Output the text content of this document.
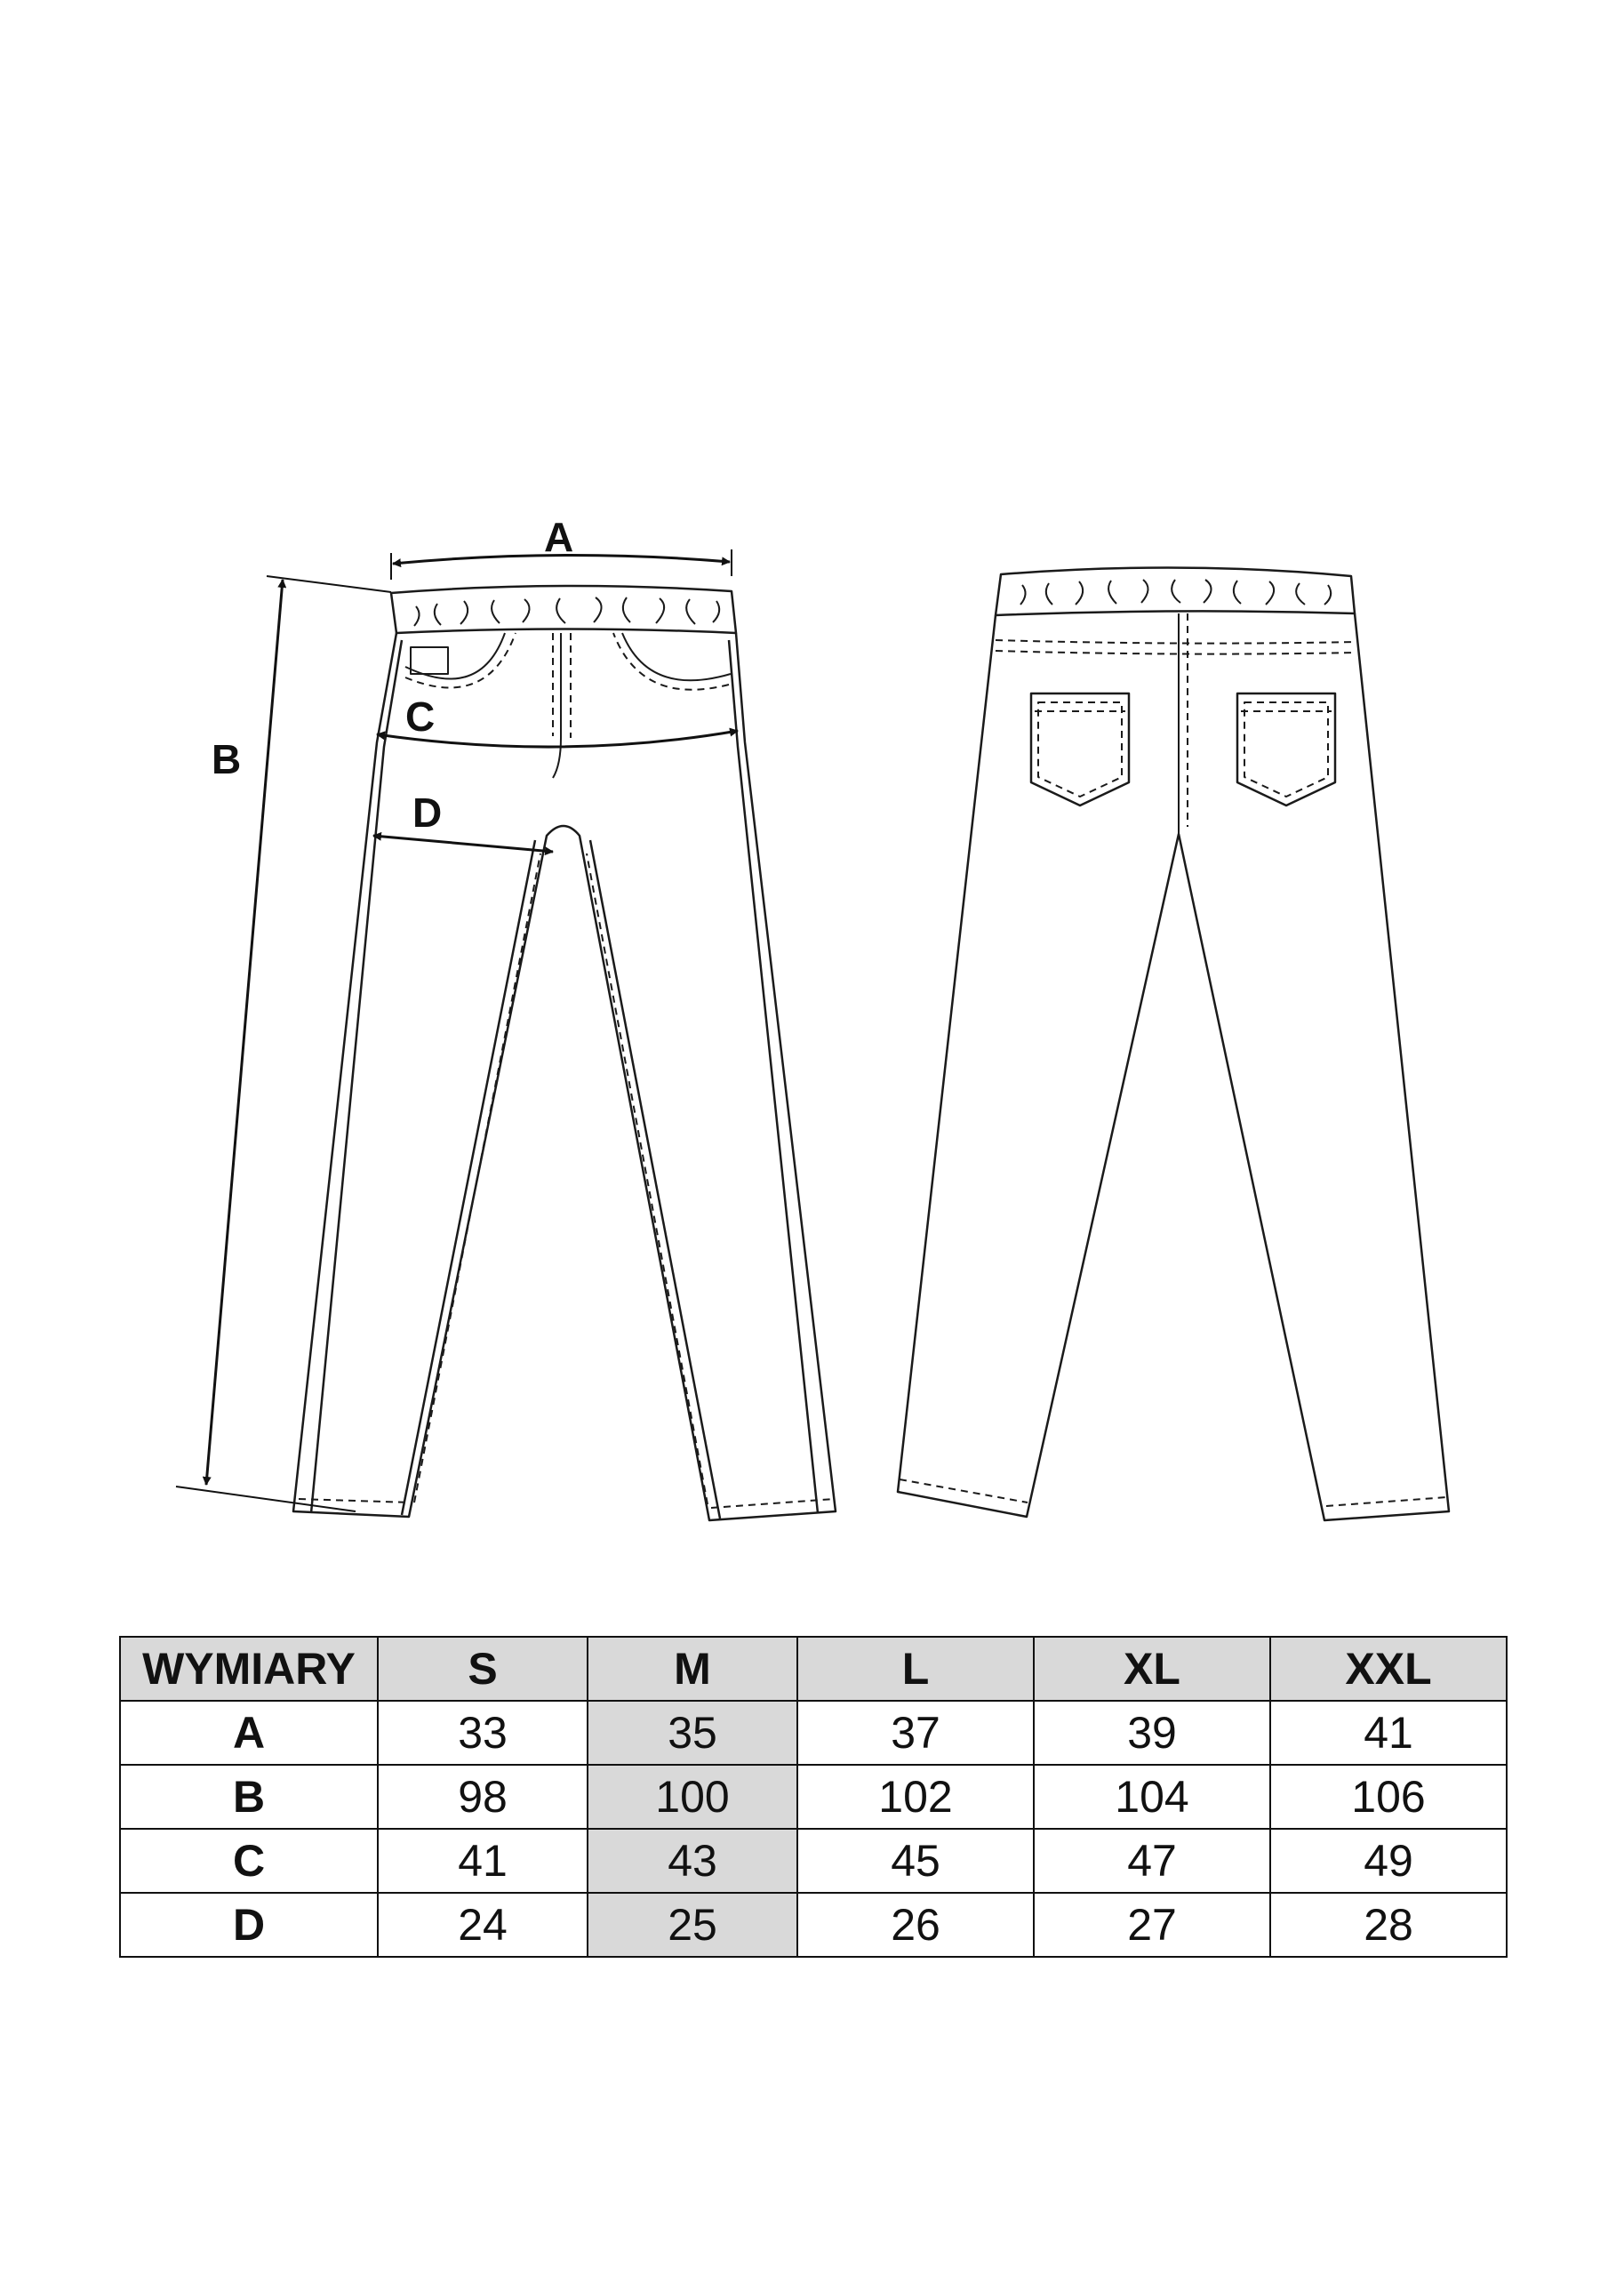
A
B
C
D
WYMIARY	S	M	L	XL	XXL
A	33	35	37	39	41
B	98	100	102	104	106
C	41	43	45	47	49
D	24	25	26	27	28
